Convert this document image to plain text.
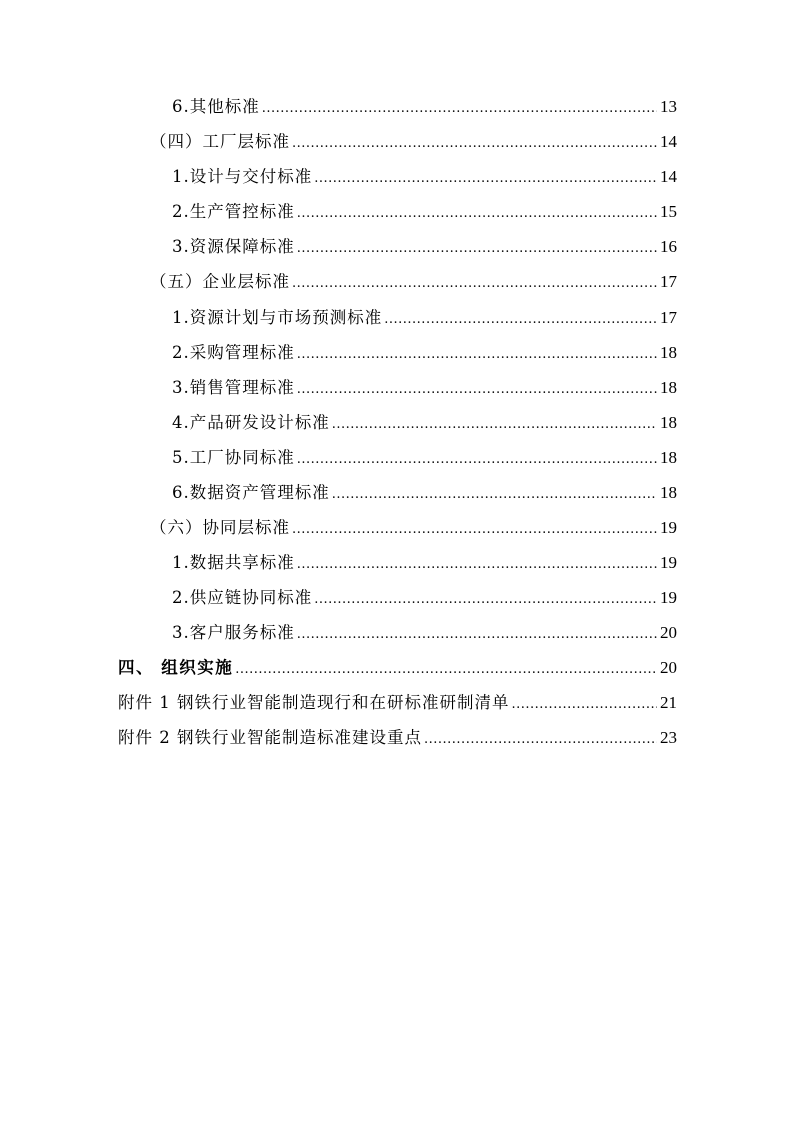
6.其他标准 .....	13
（四）工厂层标准 .....	14
1.设计与交付标准 .....	14
2.生产管控标准 .....	15
3.资源保障标准 .....	16
（五）企业层标准 .....	17
1.资源计划与市场预测标准 .....	17
2.采购管理标准 .....	18
3.销售管理标准 .....	18
4.产品研发设计标准 .....	18
5.工厂协同标准 .....	18
6.数据资产管理标准 .....	18
（六）协同层标准 .....	19
1.数据共享标准 .....	19
2.供应链协同标准 .....	19
3.客户服务标准 .....	20
四、 组织实施 .....	20
附件 1 钢铁行业智能制造现行和在研标准研制清单 .....	21
附件 2 钢铁行业智能制造标准建设重点 .....	23
